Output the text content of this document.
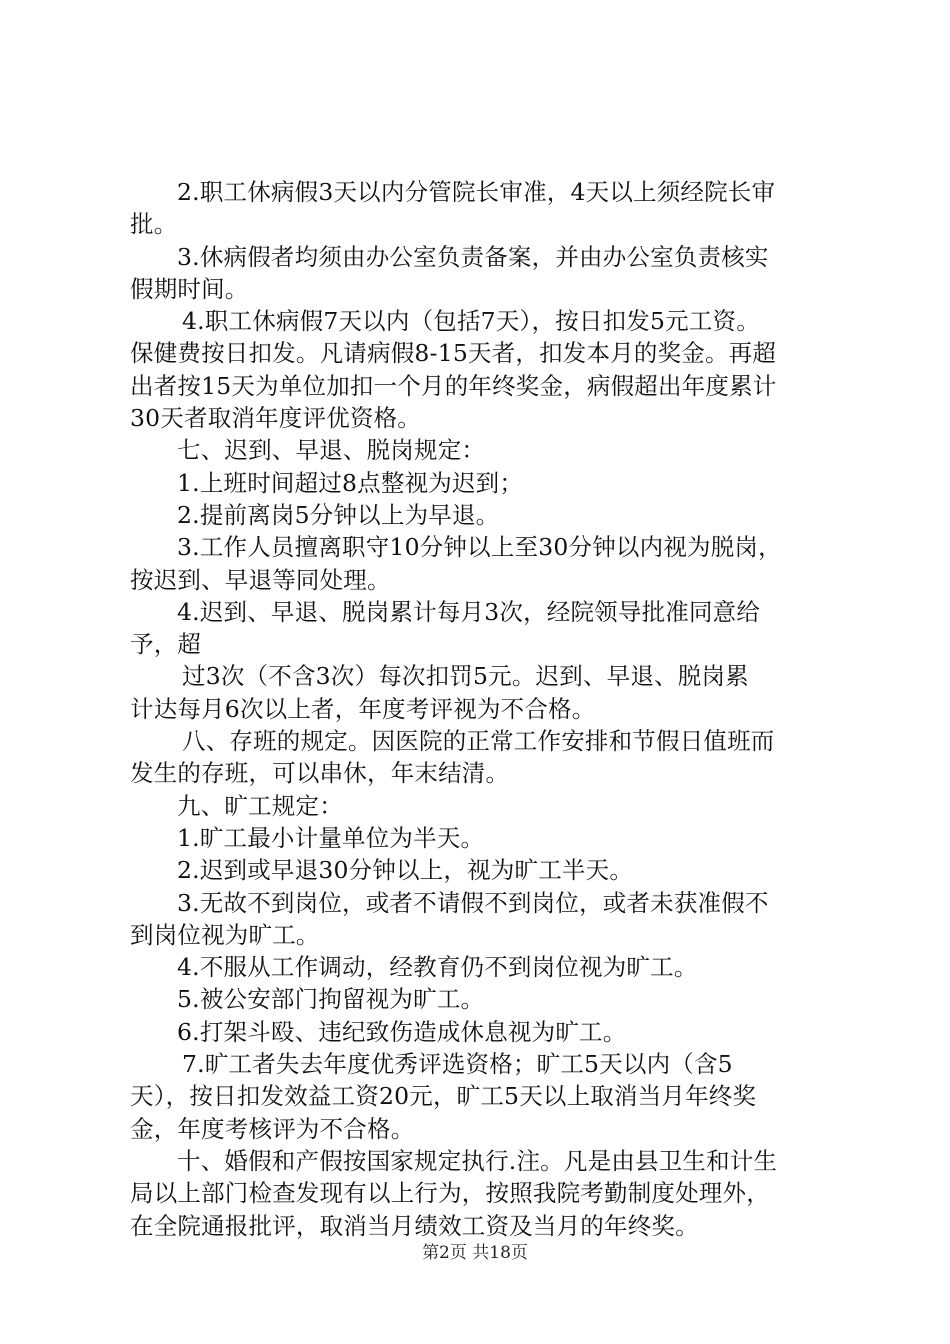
2.职工休病假3天以内分管院长审准，4天以上须经院长审
批。
3.休病假者均须由办公室负责备案，并由办公室负责核实
假期时间。
4.职工休病假7天以内（包括7天），按日扣发5元工资。
保健费按日扣发。凡请病假8-15天者，扣发本月的奖金。再超
出者按15天为单位加扣一个月的年终奖金，病假超出年度累计
30天者取消年度评优资格。
七、迟到、早退、脱岗规定：
1.上班时间超过8点整视为迟到；
2.提前离岗5分钟以上为早退。
3.工作人员擅离职守10分钟以上至30分钟以内视为脱岗，
按迟到、早退等同处理。
4.迟到、早退、脱岗累计每月3次，经院领导批准同意给
予，超
过3次（不含3次）每次扣罚5元。迟到、早退、脱岗累
计达每月6次以上者，年度考评视为不合格。
八、存班的规定。因医院的正常工作安排和节假日值班而
发生的存班，可以串休，年末结清。
九、旷工规定：
1.旷工最小计量单位为半天。
2.迟到或早退30分钟以上，视为旷工半天。
3.无故不到岗位，或者不请假不到岗位，或者未获准假不
到岗位视为旷工。
4.不服从工作调动，经教育仍不到岗位视为旷工。
5.被公安部门拘留视为旷工。
6.打架斗殴、违纪致伤造成休息视为旷工。
7.旷工者失去年度优秀评选资格；旷工5天以内（含5
天），按日扣发效益工资20元，旷工5天以上取消当月年终奖
金，年度考核评为不合格。
十、婚假和产假按国家规定执行.注。凡是由县卫生和计生
局以上部门检查发现有以上行为，按照我院考勤制度处理外，
在全院通报批评，取消当月绩效工资及当月的年终奖。
第2页 共18页
